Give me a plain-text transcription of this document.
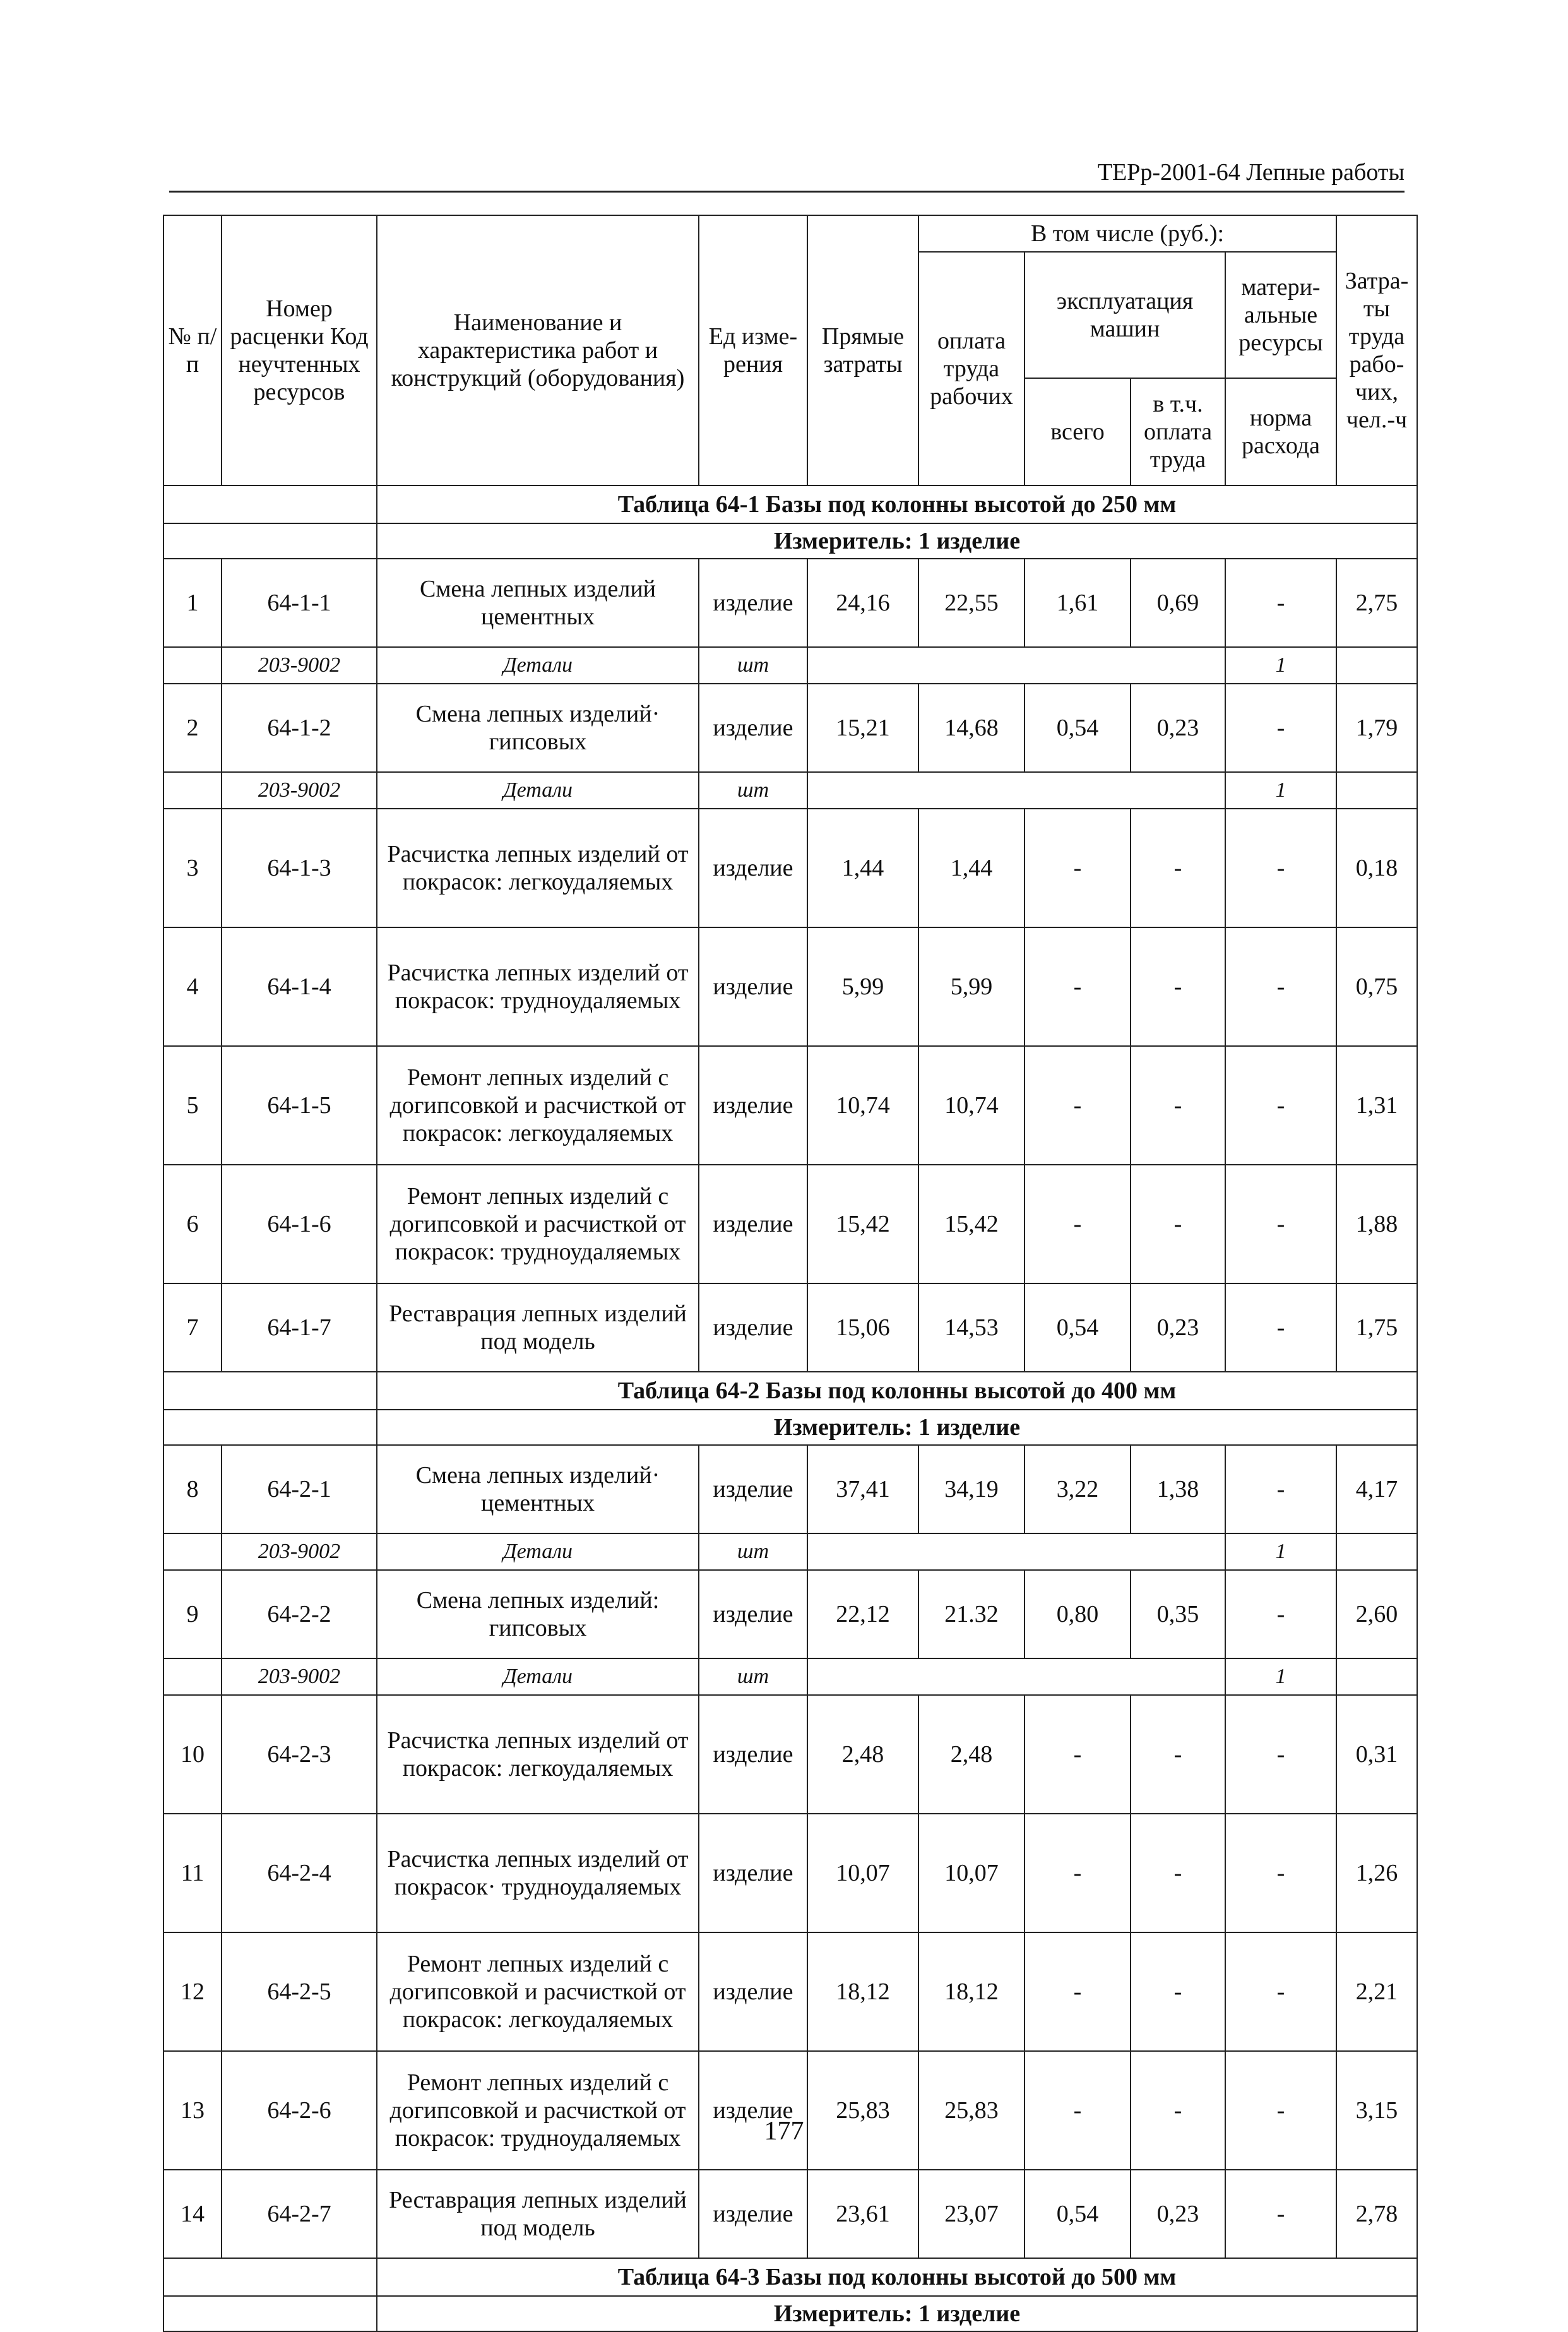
ТЕРр-2001-64 Лепные работы
№ п/п	Номер расценки Код неучтенных ресурсов	Наименование и характеристика работ и конструкций (оборудования)	Ед изме-рения	Прямые затраты	В том числе (руб.):				Затра-ты труда рабо-чих, чел.-ч
					оплата труда рабочих	эксплуатация машин		матери-альные ресурсы	
						всего	в т.ч. оплата труда	норма расхода	
		Таблица 64-1 Базы под колонны высотой до 250 мм							
		Измеритель: 1 изделие							
1	64-1-1	Смена лепных изделий цементных	изделие	24,16	22,55	1,61	0,69	-	2,75
	203-9002	Детали	шт					1	
2	64-1-2	Смена лепных изделий· гипсовых	изделие	15,21	14,68	0,54	0,23	-	1,79
	203-9002	Детали	шт					1	
3	64-1-3	Расчистка лепных изделий от покрасок: легкоудаляемых	изделие	1,44	1,44	-	-	-	0,18
4	64-1-4	Расчистка лепных изделий от покрасок: трудноудаляемых	изделие	5,99	5,99	-	-	-	0,75
5	64-1-5	Ремонт лепных изделий с догипсовкой и расчисткой от покрасок: легкоудаляемых	изделие	10,74	10,74	-	-	-	1,31
6	64-1-6	Ремонт лепных изделий с догипсовкой и расчисткой от покрасок: трудноудаляемых	изделие	15,42	15,42	-	-	-	1,88
7	64-1-7	Реставрация лепных изделий под модель	изделие	15,06	14,53	0,54	0,23	-	1,75
		Таблица 64-2 Базы под колонны высотой до 400 мм							
		Измеритель: 1 изделие							
8	64-2-1	Смена лепных изделий· цементных	изделие	37,41	34,19	3,22	1,38	-	4,17
	203-9002	Детали	шт					1	
9	64-2-2	Смена лепных изделий: гипсовых	изделие	22,12	21.32	0,80	0,35	-	2,60
	203-9002	Детали	шт					1	
10	64-2-3	Расчистка лепных изделий от покрасок: легкоудаляемых	изделие	2,48	2,48	-	-	-	0,31
11	64-2-4	Расчистка лепных изделий от покрасок· трудноудаляемых	изделие	10,07	10,07	-	-	-	1,26
12	64-2-5	Ремонт лепных изделий с догипсовкой и расчисткой от покрасок: легкоудаляемых	изделие	18,12	18,12	-	-	-	2,21
13	64-2-6	Ремонт лепных изделий с догипсовкой и расчисткой от покрасок: трудноудаляемых	изделие	25,83	25,83	-	-	-	3,15
14	64-2-7	Реставрация лепных изделий под модель	изделие	23,61	23,07	0,54	0,23	-	2,78
		Таблица 64-3 Базы под колонны высотой до 500 мм							
		Измеритель: 1 изделие							
177
